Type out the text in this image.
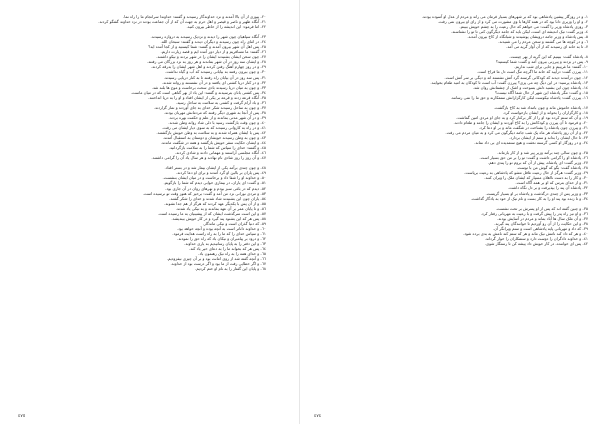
٢٠- پیوزی از آن بالا آمدند و نزد خداوندگار رسیدند و گفتند: خداوندا سرانجام ما را راه نما.

٢١- آنگاه ظهیر و ناصر و قیصر و اهل حرم به جهت آن که از آن جماعت بودند در نزد خداوند گفتگو کردند.

٢٢- اما فرمود: این اندیشه را از خاطر بیرون کنید.

٢٣- آنگاه سپاهیان چون شهر را دیدند و نزدیک رسیدند به دروازه رسیدند.

٢٤- در اثنای راه چون رسیدند و دیگران دیدند و گفتند: سبحان الله.

٢٥- پس اهل آن شهر بیرون آمدند و گفتند: شما کیستید و از کجا آمده اید؟

٢٦- گفتند: ما مسافریم و از دیار دور آمده ایم و قصد زیارت داریم.

٢٧- چون سخن ایشان بشنیدند ایشان را در شهر بردند و نیکو داشتند.

٢٨- و ایشان سه روز در آن شهر بماندند و هر روز به نزد بزرگان می رفتند.

٢٩- و در روز چهارم آهنگ رفتن کردند و اهل شهر ایشان را بدرقه کردند.

٣٠- و چون بیرون رفتند به بیابانی رسیدند که آب و گیاه نداشت.

٣١- پس سه روز در آن بیابان راه رفتند تا به کنار دریایی رسیدند.

٣٢- و در کنار دریا کشتی ای یافتند و در آن نشستند و روانه شدند.

٣٣- و چون به میان دریا رسیدند بادی سخت برخاست و موج ها بلند شد.

٣٤- پس کشتی بانان بترسیدند و گفتند: این باد از بهر گناهی است که در میان ماست.

٣٥- آنگاه قرعه زدند و قرعه بر یکی از ایشان افتاد و او را به دریا انداختند.

٣٦- و باد آرام گرفت و کشتی به سلامت به ساحل رسید.

٣٧- و چون به ساحل رسیدند شکر خدای به جای آوردند و نماز گزاردند.

٣٨- پس از آنجا به شهری دیگر رفتند که مردمانش مهربان بودند.

٣٩- و در آن شهر مدتی بماندند و از علم و حکمت بهره بردند.

٤٠- و چون وقت بازگشت رسید با دلی شاد روانه وطن شدند.

٤١- و در راه به کاروانی رسیدند که به سوی دیار ایشان می رفت.

٤٢- پس با ایشان همراه شدند و به سلامت به وطن خویش بازگشتند.

٤٣- و چون به وطن رسیدند خویشان و دوستان به استقبال آمدند.

٤٤- و ایشان حکایت سفر خویش بازگفتند و همه در شگفت ماندند.

٤٥- و گفتند: خدای را سپاس که شما را به سلامت بازگردانید.

٤٦- آنگاه مجلسی آراستند و مهمانی دادند و شادی کردند.

٤٧- و آن روز را روز شادی نام نهادند و هر سال یاد آن را گرامی داشتند.

٤٨- و چون چندی برآمد یکی از ایشان بیمار شد و در بستر افتاد.

٤٩- پس یاران بر بالین او گرد آمدند و برای او دعا کردند.

٥٠- و خداوند او را شفا داد و برخاست و در میان ایشان بنشست.

٥١- و گفت: ای یاران، در بیماری خوابی دیدم که شما را بازگویم.

٥٢- دیدم که در باغی سبز بودم و نهرهای روان در آن جاری بود.

٥٣- و مردی نورانی نزد من آمد و گفت: برخیز که هنوز وقت تو نرسیده است.

٥٤- یاران چون این بشنیدند شاد شدند و خدای را شکر گفتند.

٥٥- و از آن پس با یکدیگر عهد کردند که هرگز از هم جدا نشوند.

٥٦- و تا پایان عمر بر آن عهد بماندند و به نیکی یاد شدند.

٥٧- و این است سرگذشت ایشان که از پیشینیان به ما رسیده است.

٥٨- پس هر که این بشنود پند گیرد و در کار خویش بیندیشد.

٥٩- که دنیا گذران است و نیکی ماندگار.

٦٠- و خداوند داناتر است به آنچه بوده و آنچه خواهد بود.

٦١- و سپاس خدای را که ما را به راه راست هدایت فرمود.

٦٢- و درود بر پیامبران و نیکان باد که راه حق را نمودند.

٦٣- و این دفتر را به پایان رسانیدیم به یاری خداوند.

٦٤- پس هر که بخواند ما را به دعای خیر یاد کند.

٦٥- و خدای همه را به راه نیک رهنمون باد.

٦٦- و آنچه گفته شد از روی امانت بود و بر آن چیزی نیفزودیم.

٦٧- و اگر خطایی رفت از ما بود و اگر درست بود از خداوند.

٦٨- و پایان این گفتار را به نام او ختم کردیم.

٤٧٥

١- و در روزگار پیشین پادشاهی بود که بر شهرهای بسیار فرمان می راند و مردم از عدل او آسوده بودند.

٢- و او را وزیری دانا بود که در همه کارها با وی مشورت می کرد و از رای او بیرون نمی رفت.

٣- روزی پادشاه وزیر را گفت: می خواهم که حال رعیت را به چشم خویش ببینم.

٤- وزیر گفت: نیک اندیشه ای است، لیکن باید که جامه دیگرگون کنی تا تو را نشناسند.

٥- پس پادشاه و وزیر جامه درویشان پوشیدند و شبانگاه از کاخ بیرون آمدند.

٦- و در کوچه ها می گشتند و سخن مردم را می شنیدند.

٧- تا به خانه ای رسیدند که از آن آواز گریه می آمد.

٨- پادشاه گفت: ببینیم که این گریه از بهر چیست.

٩- پس در بزدند و پیرزنی بیرون آمد و گفت: شما کیستید؟

١٠- گفتند: ما غریبیم و جایی برای شب نداریم.

١١- پیرزن گفت: درآیید که خانه ما اگرچه تنگ است دل ما فراخ است.

١٢- چون درآمدند دیدند که کودکانی گرسنه گرد آتش نشسته اند و دیگی بر سر آتش است.

١٣- پادشاه پرسید: در این دیگ چه می پزی؟ پیرزن گفت: آب است تا کودکان به امید طعام بخوابند.

١٤- پادشاه چون این بشنید دلش بسوخت و اشک از چشمانش روان شد.

١٥- و گفت: مگر پادشاه این شهر از حال شما آگاه نیست؟

١٦- پیرزن گفت: پادشاه نیکوست لیکن کارگزارانش ستمکارند و حق ما را نمی رسانند.

١٧- پادشاه خاموش ماند و چون بامداد شد به کاخ بازگشت.

١٨- و کارگزاران را بخواند و از ایشان بازخواست کرد.

١٩- و آن که ستم کرده بود او را از کار برکنار کرد و به جای او مردی امین گماشت.

٢٠- و فرمود تا آن پیرزن و کودکانش را به کاخ آوردند و ایشان را جامه و طعام دادند.

٢١- و پیرزن چون پادشاه را بشناخت در شگفت ماند و بر او دعا کرد.

٢٢- و از آن روز پادشاه هر ماه یک شب جامه دیگرگون می کرد و به میان مردم می رفت.

٢٣- تا حال ایشان را بداند و ستم از ایشان بردارد.

٢٤- و در روزگار او کسی گرسنه نخفت و هیچ ستمدیده ای بی داد نماند.

٢٥- و چون سالی چند برآمد وزیر پیر شد و از کار بازماند.

٢٦- پادشاه او را گرامی داشت و گفت: تو را بر من حق بسیار است.

٢٧- وزیر گفت: ای پادشاه، پیش از آن که بروم تو را پندی دهم.

٢٨- پادشاه گفت: بگو که گوش من با توست.

٢٩- وزیر گفت: هرگز از حال رعیت غافل مشو که پادشاهی به رعیت برپاست.

٣٠- و کار را به دست نااهلان مسپار که ایشان ملک را ویران کنند.

٣١- و از خدای بترس که او بر همه آگاه است.

٣٢- پادشاه آن پند را بپذیرفت و بر دل نگاه داشت.

٣٣- و وزیر پس از چندی درگذشت و پادشاه بر او بسیار گریست.

٣٤- و تا زنده بود پند او را به کار بست و نام نیک از خود به یادگار گذاشت.

٣٥- و چنین گفته اند که پس از او پسرش بر تخت نشست.

٣٦- و او نیز راه پدر را پیش گرفت و با رعیت به مهربانی رفتار کرد.

٣٧- و آن ملک سال ها آباد بماند و مردم در آسایش بودند.

٣٨- و این حکایت را از آن رو آوردیم تا خوانندگان پند گیرند.

٣٩- که داد و مهربانی پایه پادشاهی است و ستم ویرانگر آن.

٤٠- و هر که داد کند نامش نیک ماند و هر که ستم کند نامش به بدی برده شود.

٤١- و خداوند دادگران را دوست دارد و ستمکاران را خوار گرداند.

٤٢- پس ای خواننده، در کار خویش داد پیشه کن تا رستگار شوی.

٤٧٤
